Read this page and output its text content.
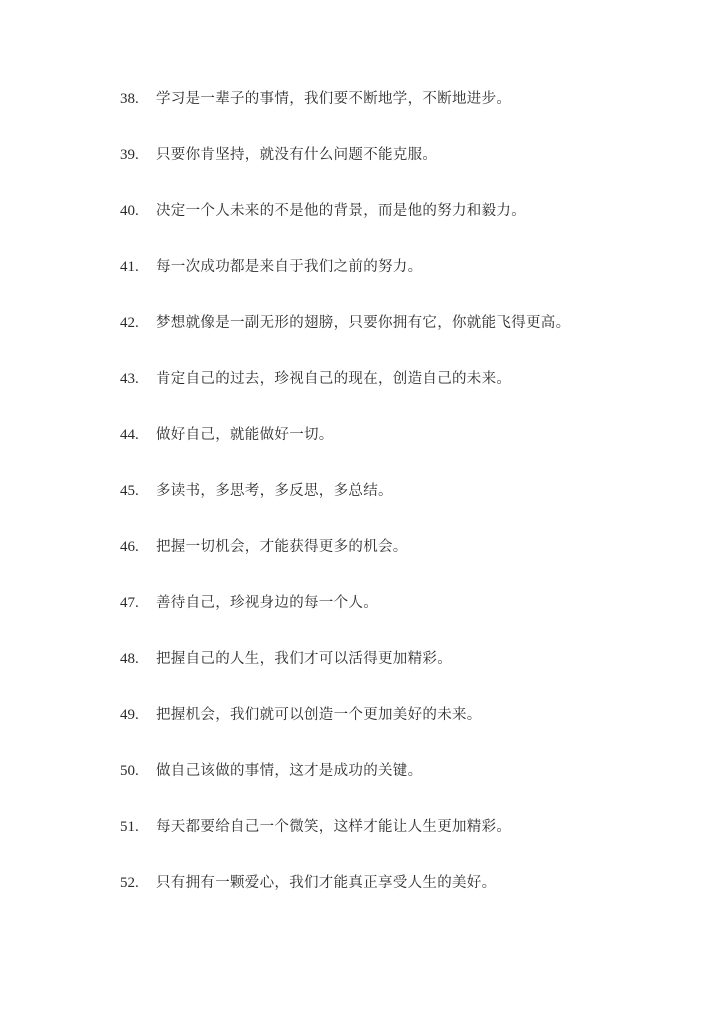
38.	学习是一辈子的事情，我们要不断地学，不断地进步。
39.	只要你肯坚持，就没有什么问题不能克服。
40.	决定一个人未来的不是他的背景，而是他的努力和毅力。
41.	每一次成功都是来自于我们之前的努力。
42.	梦想就像是一副无形的翅膀，只要你拥有它，你就能飞得更高。
43.	肯定自己的过去，珍视自己的现在，创造自己的未来。
44.	做好自己，就能做好一切。
45.	多读书，多思考，多反思，多总结。
46.	把握一切机会，才能获得更多的机会。
47.	善待自己，珍视身边的每一个人。
48.	把握自己的人生，我们才可以活得更加精彩。
49.	把握机会，我们就可以创造一个更加美好的未来。
50.	做自己该做的事情，这才是成功的关键。
51.	每天都要给自己一个微笑，这样才能让人生更加精彩。
52.	只有拥有一颗爱心，我们才能真正享受人生的美好。
